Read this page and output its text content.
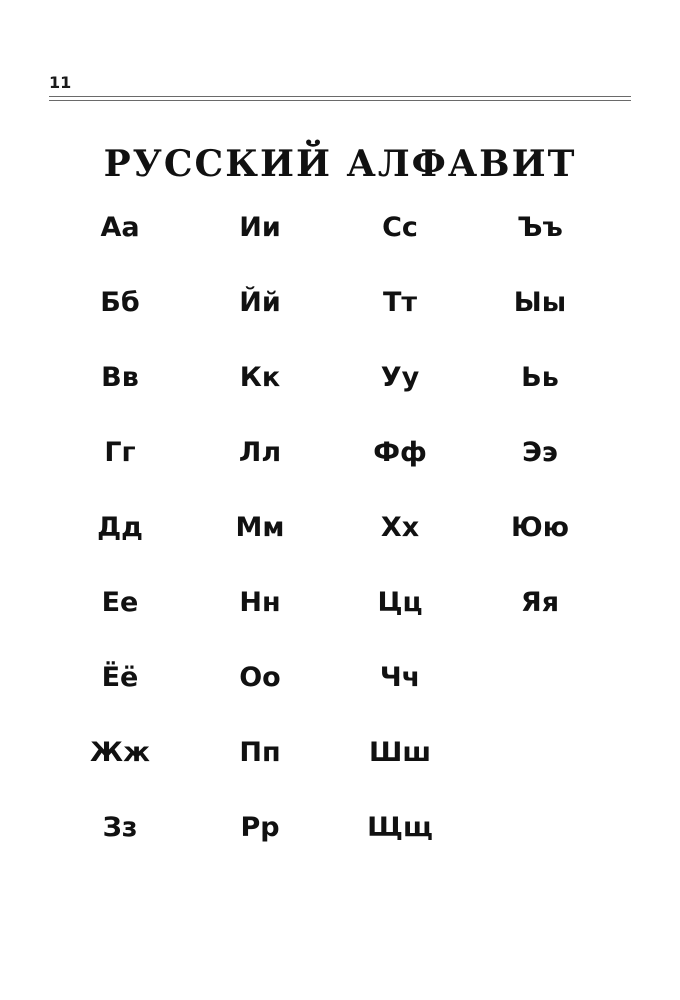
11
РУССКИЙ АЛФАВИТ
Аа	Ии	Сс	Ъъ
Бб	Йй	Тт	Ыы
Вв	Кк	Уу	Ьь
Гг	Лл	Фф	Ээ
Дд	Мм	Хх	Юю
Ее	Нн	Цц	Яя
Ёё	Оо	Чч
Жж	Пп	Шш
Зз	Рр	Щщ
